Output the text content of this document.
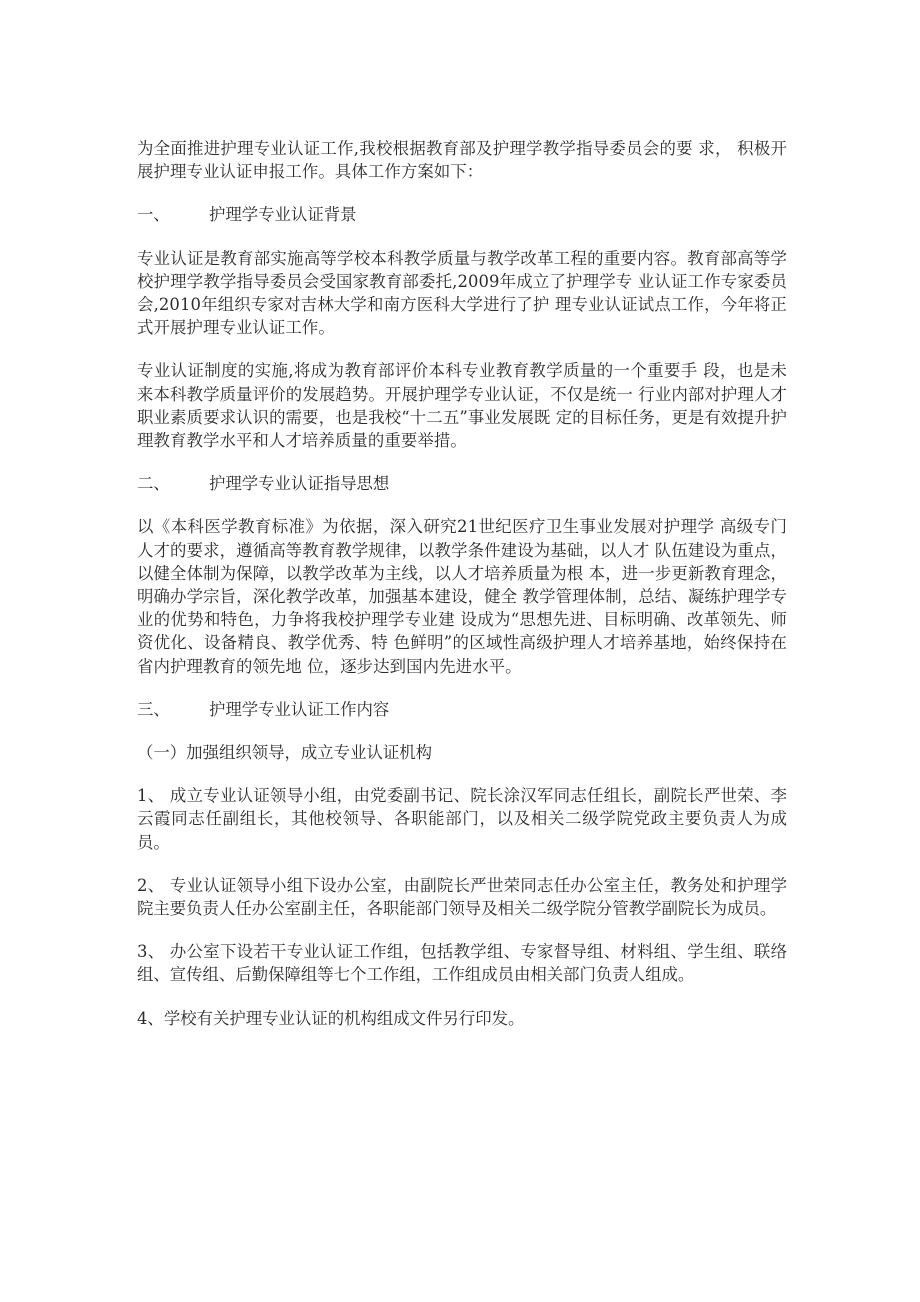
为全面推进护理专业认证工作,我校根据教育部及护理学教学指导委员会的要 求， 积极开展护理专业认证申报工作。具体工作方案如下：

一、	护理学专业认证背景

专业认证是教育部实施高等学校本科教学质量与教学改革工程的重要内容。教育部高等学校护理学教学指导委员会受国家教育部委托,2009年成立了护理学专 业认证工作专家委员会,2010年组织专家对吉林大学和南方医科大学进行了护 理专业认证试点工作，今年将正式开展护理专业认证工作。

专业认证制度的实施,将成为教育部评价本科专业教育教学质量的一个重要手 段，也是未来本科教学质量评价的发展趋势。开展护理学专业认证，不仅是统一 行业内部对护理人才职业素质要求认识的需要，也是我校“十二五”事业发展既 定的目标任务，更是有效提升护理教育教学水平和人才培养质量的重要举措。

二、	护理学专业认证指导思想

以《本科医学教育标准》为依据，深入研究21世纪医疗卫生事业发展对护理学 高级专门人才的要求，遵循高等教育教学规律，以教学条件建设为基础，以人才 队伍建设为重点，以健全体制为保障，以教学改革为主线，以人才培养质量为根 本，进一步更新教育理念，明确办学宗旨，深化教学改革，加强基本建设，健全 教学管理体制，总结、凝练护理学专业的优势和特色，力争将我校护理学专业建 设成为“思想先进、目标明确、改革领先、师资优化、设备精良、教学优秀、特 色鲜明”的区域性高级护理人才培养基地，始终保持在省内护理教育的领先地 位，逐步达到国内先进水平。

三、	护理学专业认证工作内容

（一）加强组织领导，成立专业认证机构

1、 成立专业认证领导小组，由党委副书记、院长涂汉军同志任组长，副院长严世荣、李云霞同志任副组长，其他校领导、各职能部门，以及相关二级学院党政主要负责人为成员。

2、 专业认证领导小组下设办公室，由副院长严世荣同志任办公室主任，教务处和护理学院主要负责人任办公室副主任，各职能部门领导及相关二级学院分管教学副院长为成员。

3、 办公室下设若干专业认证工作组，包括教学组、专家督导组、材料组、学生组、联络组、宣传组、后勤保障组等七个工作组，工作组成员由相关部门负责人组成。

4、学校有关护理专业认证的机构组成文件另行印发。
